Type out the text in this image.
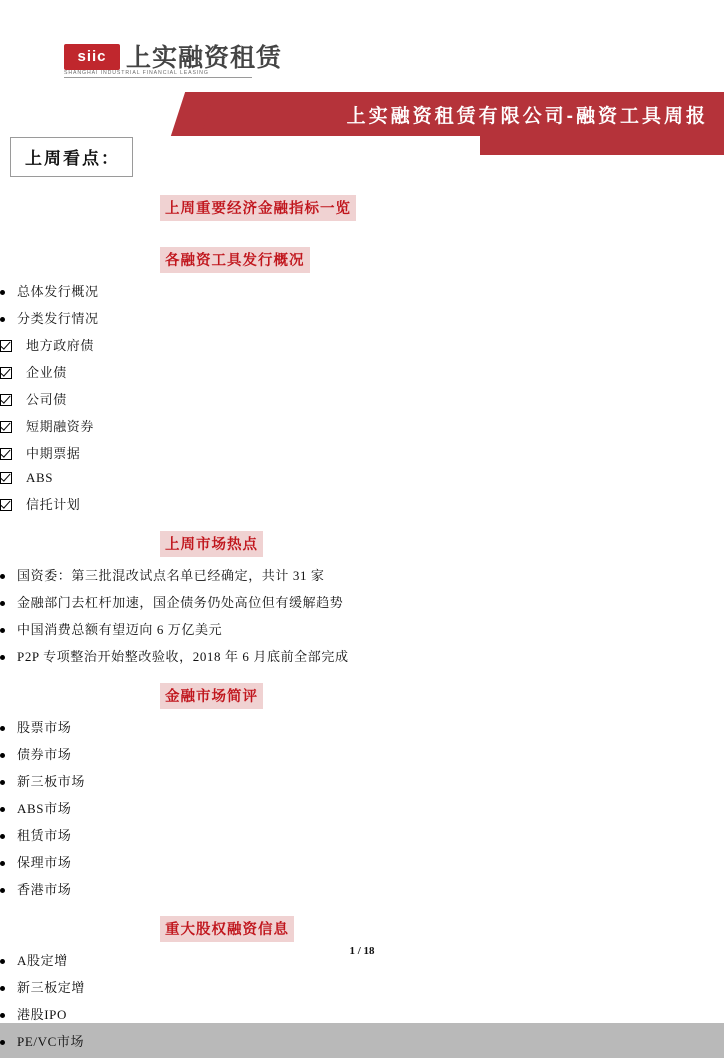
siic 上实融资租赁
SHANGHAI INDUSTRIAL FINANCIAL LEASING
上实融资租赁有限公司-融资工具周报
2017 年 12 月 20 日星期三
上周看点：
上周重要经济金融指标一览
各融资工具发行概况
总体发行概况
分类发行情况
地方政府债
企业债
公司债
短期融资券
中期票据
ABS
信托计划
上周市场热点
国资委：第三批混改试点名单已经确定，共计 31 家
金融部门去杠杆加速，国企债务仍处高位但有缓解趋势
中国消费总额有望迈向 6 万亿美元
P2P 专项整治开始整改验收，2018 年 6 月底前全部完成
金融市场简评
股票市场
债券市场
新三板市场
ABS市场
租赁市场
保理市场
香港市场
重大股权融资信息
A股定增
新三板定增
港股IPO
PE/VC市场
1 / 18
